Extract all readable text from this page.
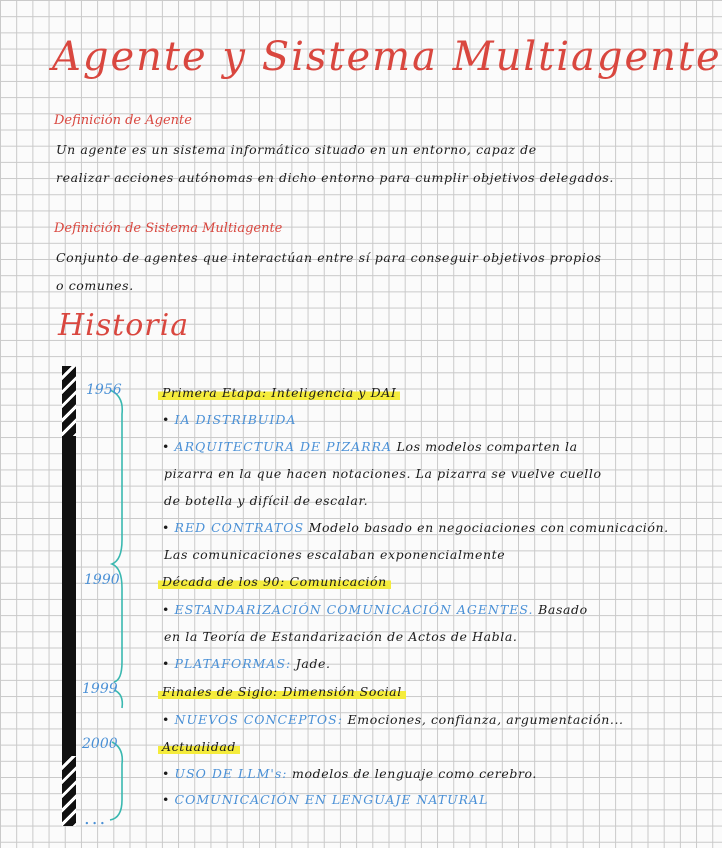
Agente y Sistema Multiagente
Definición de Agente
Un agente es un sistema informático situado en un entorno, capaz de
realizar acciones autónomas en dicho entorno para cumplir objetivos delegados.
Definición de Sistema Multiagente
Conjunto de agentes que interactúan entre sí para conseguir objetivos propios
o comunes.
Historia
1956	Primera Etapa: Inteligencia y DAI
• IA DISTRIBUIDA
• ARQUITECTURA DE PIZARRA Los modelos comparten la
pizarra en la que hacen notaciones. La pizarra se vuelve cuello
de botella y difícil de escalar.
• RED CONTRATOS Modelo basado en negociaciones con comunicación.
Las comunicaciones escalaban exponencialmente
1990	Década de los 90: Comunicación
• ESTANDARIZACIÓN COMUNICACIÓN AGENTES. Basado
en la Teoría de Estandarización de Actos de Habla.
• PLATAFORMAS: Jade.
1999	Finales de Siglo: Dimensión Social
• NUEVOS CONCEPTOS: Emociones, confianza, argumentación...
2000	Actualidad
• USO DE LLM's: modelos de lenguaje como cerebro.
• COMUNICACIÓN EN LENGUAJE NATURAL
...
